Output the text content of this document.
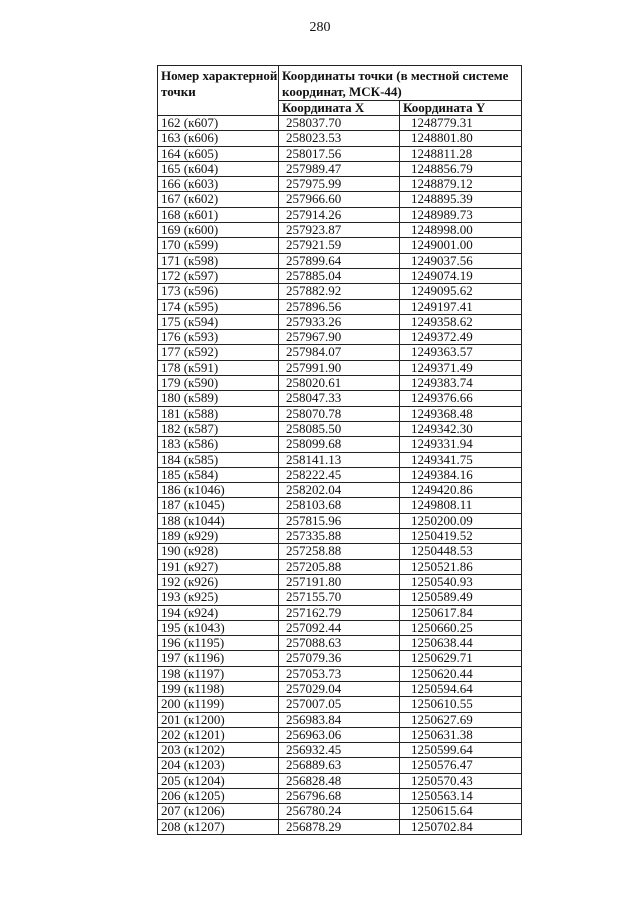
280
Номер характерной точки	Координаты точки (в местной системе координат, МСК-44)	
	Координата X	Координата Y
162 (к607)	258037.70	1248779.31
163 (к606)	258023.53	1248801.80
164 (к605)	258017.56	1248811.28
165 (к604)	257989.47	1248856.79
166 (к603)	257975.99	1248879.12
167 (к602)	257966.60	1248895.39
168 (к601)	257914.26	1248989.73
169 (к600)	257923.87	1248998.00
170 (к599)	257921.59	1249001.00
171 (к598)	257899.64	1249037.56
172 (к597)	257885.04	1249074.19
173 (к596)	257882.92	1249095.62
174 (к595)	257896.56	1249197.41
175 (к594)	257933.26	1249358.62
176 (к593)	257967.90	1249372.49
177 (к592)	257984.07	1249363.57
178 (к591)	257991.90	1249371.49
179 (к590)	258020.61	1249383.74
180 (к589)	258047.33	1249376.66
181 (к588)	258070.78	1249368.48
182 (к587)	258085.50	1249342.30
183 (к586)	258099.68	1249331.94
184 (к585)	258141.13	1249341.75
185 (к584)	258222.45	1249384.16
186 (к1046)	258202.04	1249420.86
187 (к1045)	258103.68	1249808.11
188 (к1044)	257815.96	1250200.09
189 (к929)	257335.88	1250419.52
190 (к928)	257258.88	1250448.53
191 (к927)	257205.88	1250521.86
192 (к926)	257191.80	1250540.93
193 (к925)	257155.70	1250589.49
194 (к924)	257162.79	1250617.84
195 (к1043)	257092.44	1250660.25
196 (к1195)	257088.63	1250638.44
197 (к1196)	257079.36	1250629.71
198 (к1197)	257053.73	1250620.44
199 (к1198)	257029.04	1250594.64
200 (к1199)	257007.05	1250610.55
201 (к1200)	256983.84	1250627.69
202 (к1201)	256963.06	1250631.38
203 (к1202)	256932.45	1250599.64
204 (к1203)	256889.63	1250576.47
205 (к1204)	256828.48	1250570.43
206 (к1205)	256796.68	1250563.14
207 (к1206)	256780.24	1250615.64
208 (к1207)	256878.29	1250702.84
